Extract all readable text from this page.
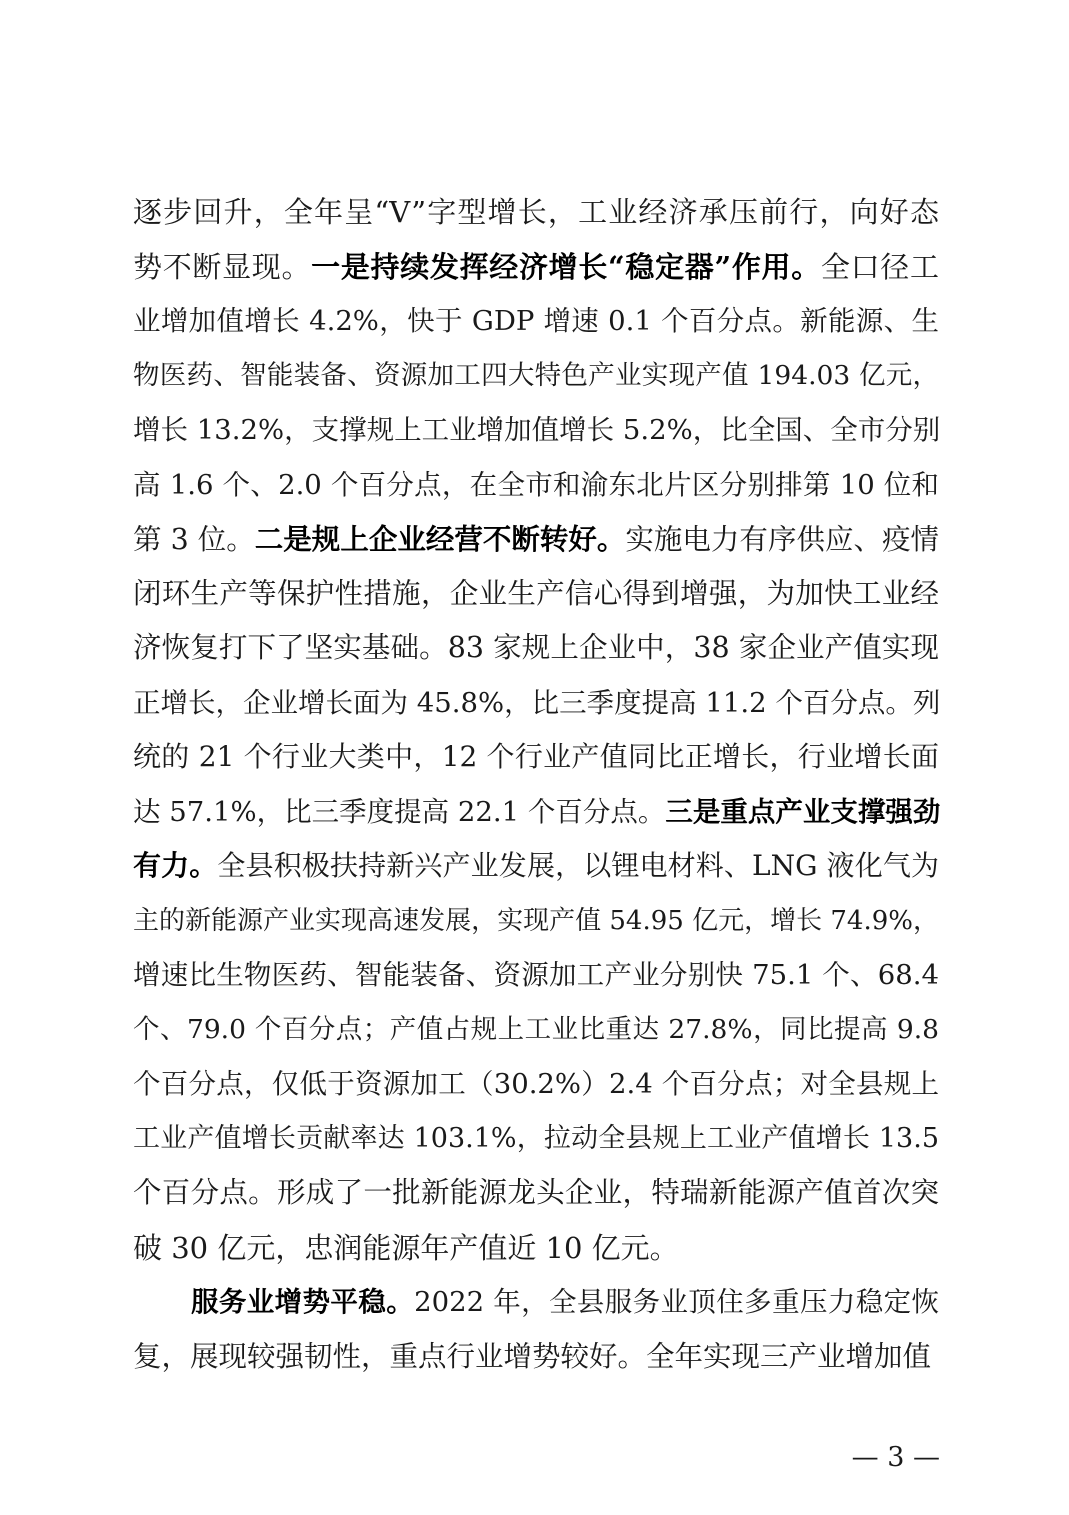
逐步回升，全年呈“V”字型增长，工业经济承压前行，向好态
势不断显现。一是持续发挥经济增长“稳定器”作用。全口径工
业增加值增长 4.2%，快于 GDP 增速 0.1 个百分点。新能源、生
物医药、智能装备、资源加工四大特色产业实现产值 194.03 亿元，
增长 13.2%，支撑规上工业增加值增长 5.2%，比全国、全市分别
高 1.6 个、2.0 个百分点，在全市和渝东北片区分别排第 10 位和
第 3 位。二是规上企业经营不断转好。实施电力有序供应、疫情
闭环生产等保护性措施，企业生产信心得到增强，为加快工业经
济恢复打下了坚实基础。83 家规上企业中，38 家企业产值实现
正增长，企业增长面为 45.8%，比三季度提高 11.2 个百分点。列
统的 21 个行业大类中，12 个行业产值同比正增长，行业增长面
达 57.1%，比三季度提高 22.1 个百分点。三是重点产业支撑强劲
有力。全县积极扶持新兴产业发展，以锂电材料、LNG 液化气为
主的新能源产业实现高速发展，实现产值 54.95 亿元，增长 74.9%，
增速比生物医药、智能装备、资源加工产业分别快 75.1 个、68.4
个、79.0 个百分点；产值占规上工业比重达 27.8%，同比提高 9.8
个百分点，仅低于资源加工（30.2%）2.4 个百分点；对全县规上
工业产值增长贡献率达 103.1%，拉动全县规上工业产值增长 13.5
个百分点。形成了一批新能源龙头企业，特瑞新能源产值首次突
破 30 亿元，忠润能源年产值近 10 亿元。
服务业增势平稳。2022 年，全县服务业顶住多重压力稳定恢
复，展现较强韧性，重点行业增势较好。全年实现三产业增加值
— 3 —
